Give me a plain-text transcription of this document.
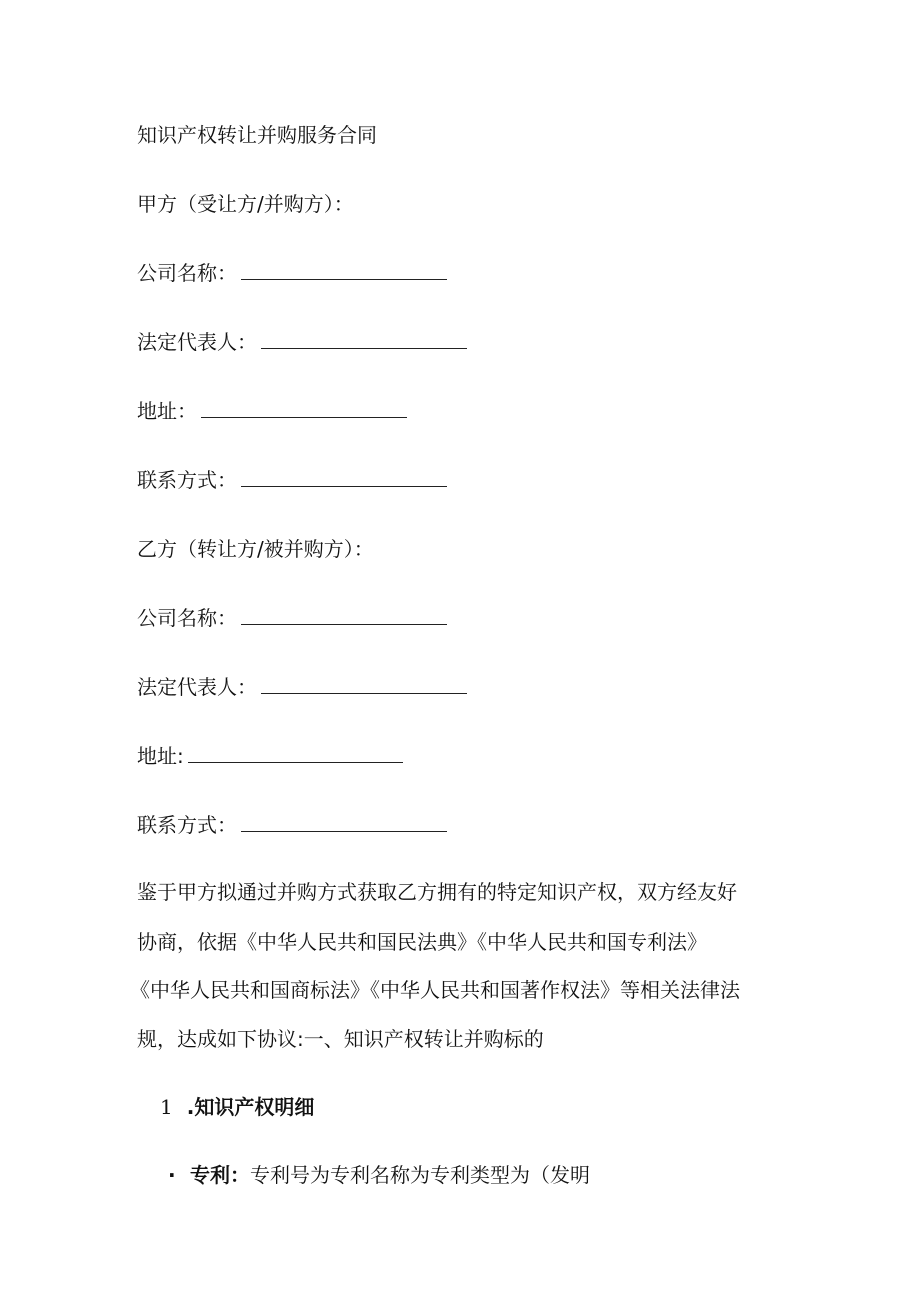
知识产权转让并购服务合同
甲方（受让方/并购方）：
公司名称：
法定代表人：
地址：
联系方式：
乙方（转让方/被并购方）：
公司名称：
法定代表人：
地址:
联系方式：
鉴于甲方拟通过并购方式获取乙方拥有的特定知识产权，双方经友好
协商，依据《中华人民共和国民法典》《中华人民共和国专利法》
《中华人民共和国商标法》《中华人民共和国著作权法》等相关法律法
规，达成如下协议:一、知识产权转让并购标的
1 .知识产权明细
· 专利：专利号为专利名称为专利类型为（发明
